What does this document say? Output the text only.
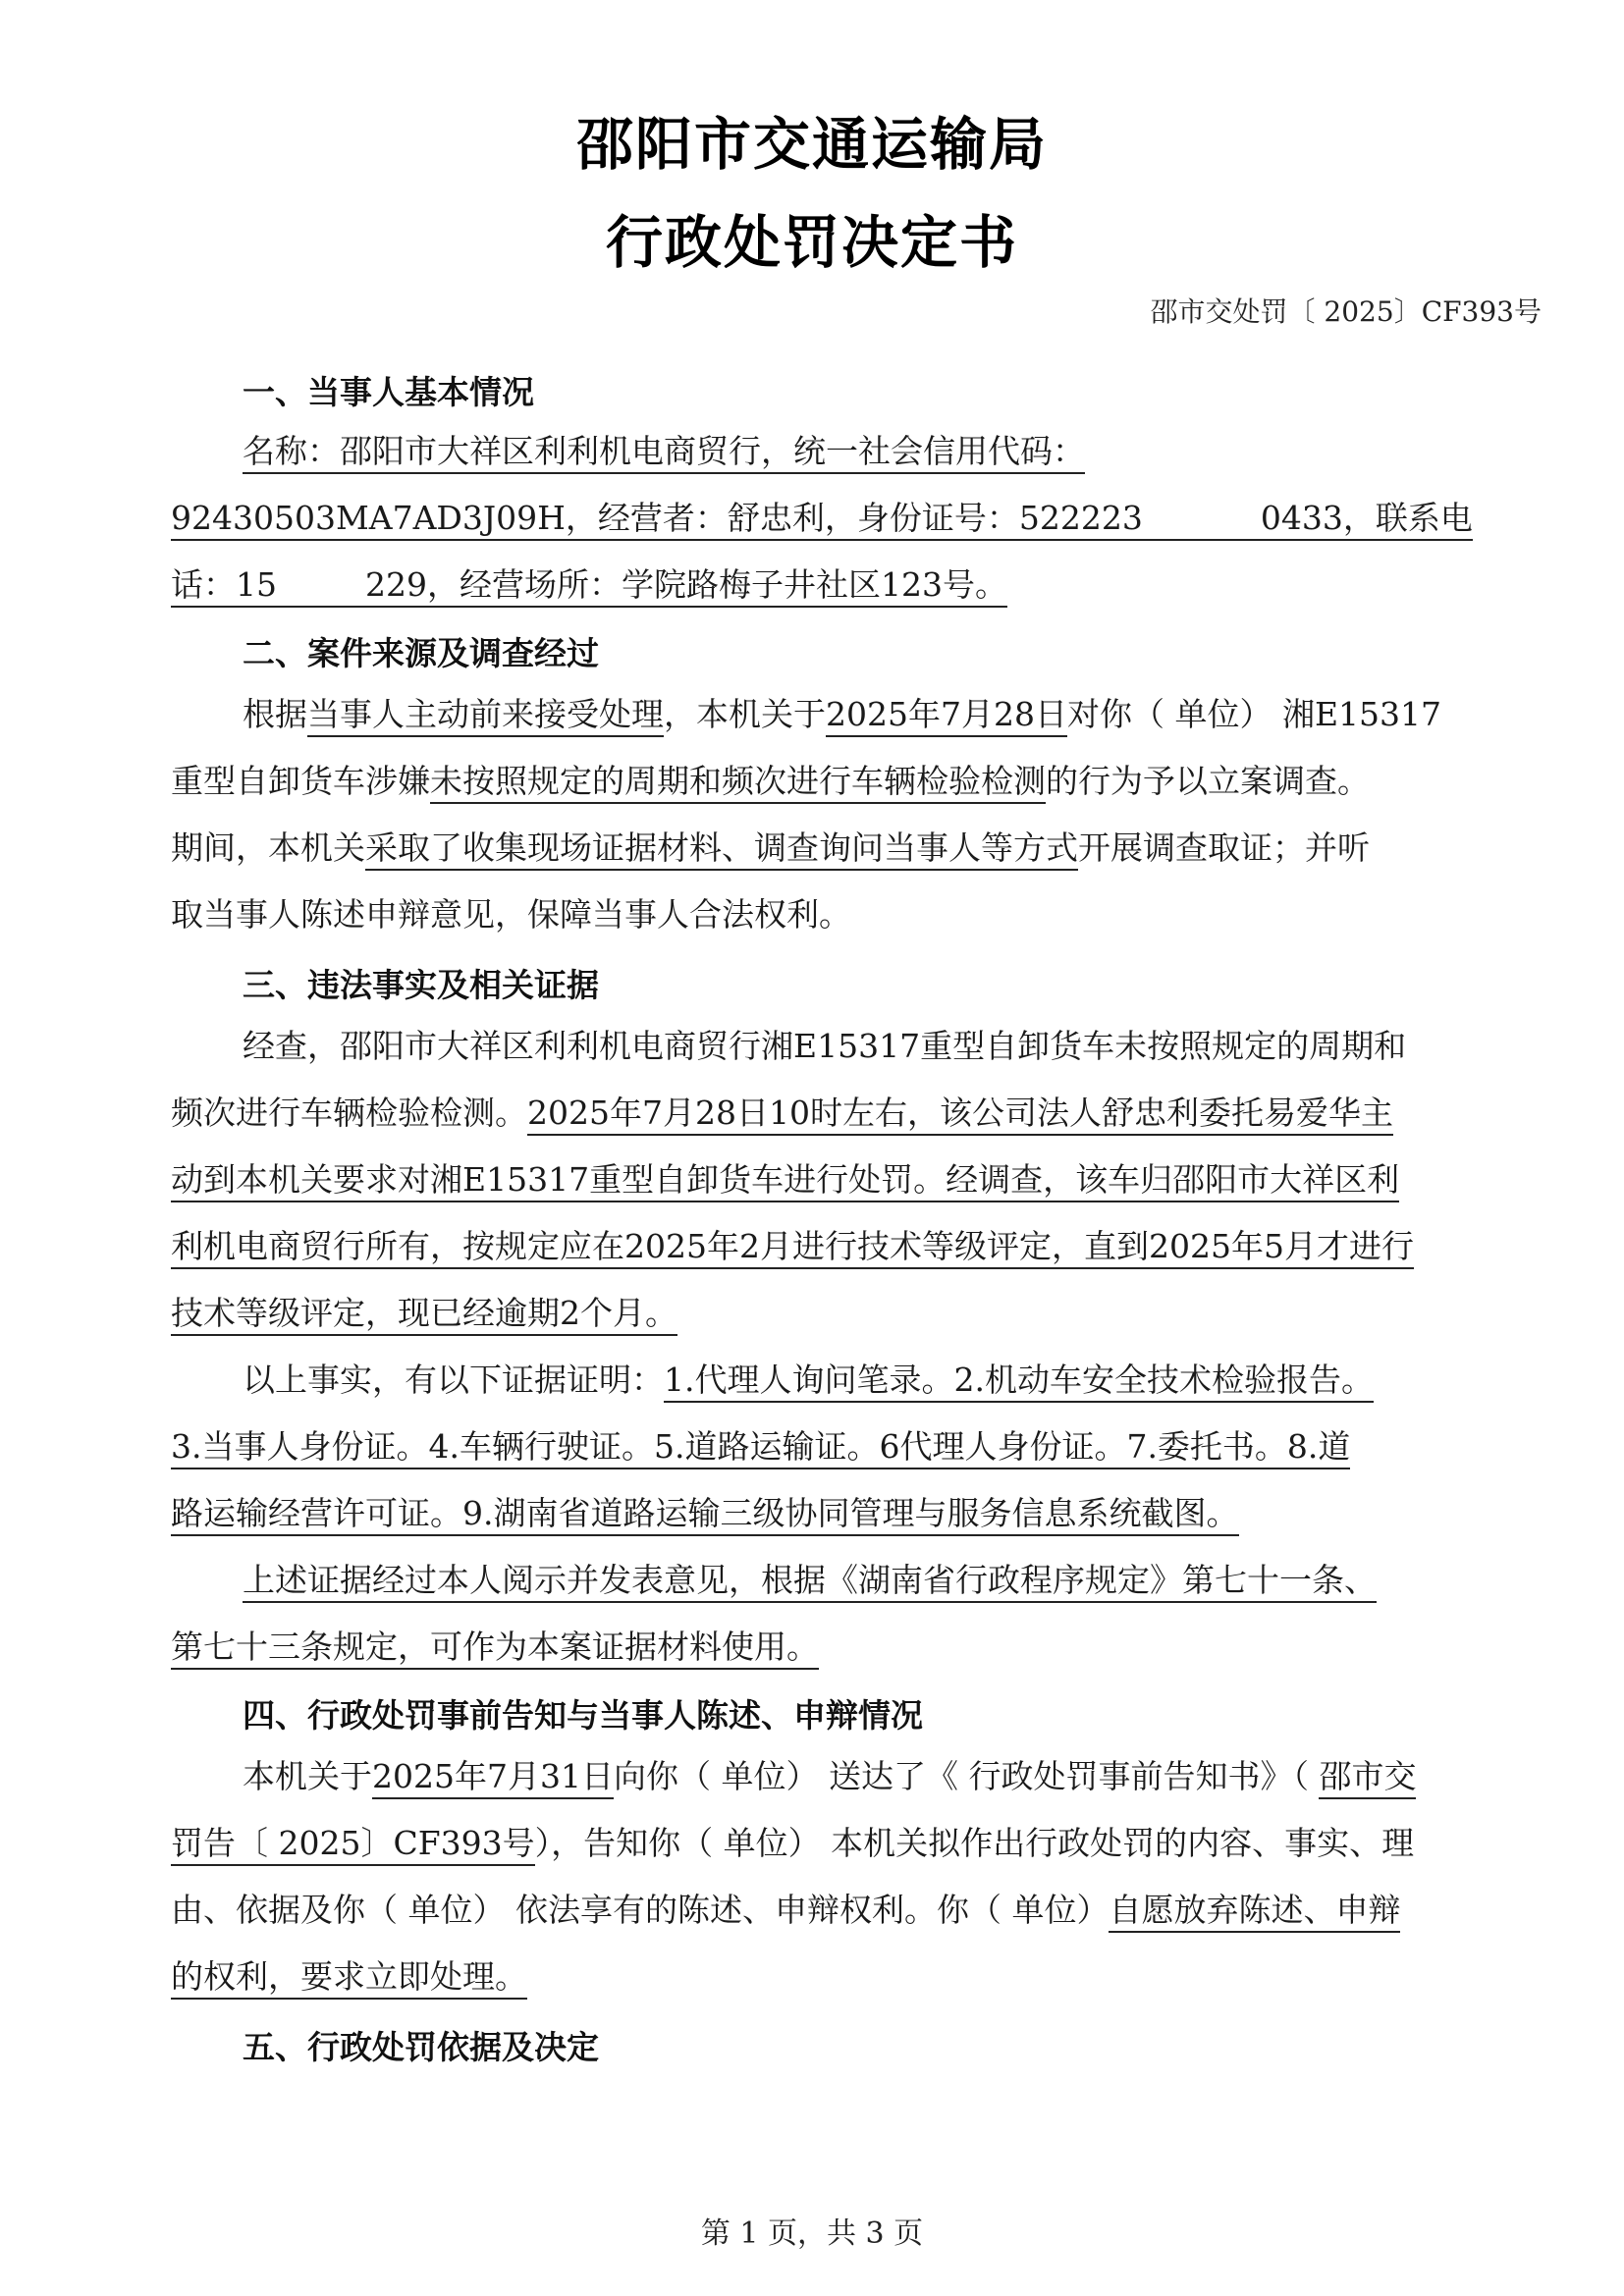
邵阳市交通运输局
行政处罚决定书
邵市交处罚〔 2025〕CF393号
一、当事人基本情况
名称：邵阳市大祥区利利机电商贸行，统一社会信用代码：
92430503MA7AD3J09H，经营者：舒忠利，身份证号：522223	0433，联系电
话：15	229，经营场所：学院路梅子井社区123号。
二、案件来源及调查经过
根据当事人主动前来接受处理，本机关于2025年7月28日对你（ 单位） 湘E15317
重型自卸货车涉嫌未按照规定的周期和频次进行车辆检验检测的行为予以立案调查。
期间，本机关采取了收集现场证据材料、调查询问当事人等方式开展调查取证；并听
取当事人陈述申辩意见，保障当事人合法权利。
三、违法事实及相关证据
经查，邵阳市大祥区利利机电商贸行湘E15317重型自卸货车未按照规定的周期和
频次进行车辆检验检测。2025年7月28日10时左右，该公司法人舒忠利委托易爱华主
动到本机关要求对湘E15317重型自卸货车进行处罚。经调查，该车归邵阳市大祥区利
利机电商贸行所有，按规定应在2025年2月进行技术等级评定，直到2025年5月才进行
技术等级评定，现已经逾期2个月。
以上事实，有以下证据证明：1.代理人询问笔录。2.机动车安全技术检验报告。
3.当事人身份证。4.车辆行驶证。5.道路运输证。6代理人身份证。7.委托书。8.道
路运输经营许可证。9.湖南省道路运输三级协同管理与服务信息系统截图。
上述证据经过本人阅示并发表意见，根据《湖南省行政程序规定》第七十一条、
第七十三条规定，可作为本案证据材料使用。
四、行政处罚事前告知与当事人陈述、申辩情况
本机关于2025年7月31日向你（ 单位） 送达了《 行政处罚事前告知书》（ 邵市交
罚告〔 2025〕CF393号），告知你（ 单位） 本机关拟作出行政处罚的内容、事实、理
由、依据及你（ 单位） 依法享有的陈述、申辩权利。你（ 单位）自愿放弃陈述、申辩
的权利，要求立即处理。
五、行政处罚依据及决定
第 1 页，共 3 页
